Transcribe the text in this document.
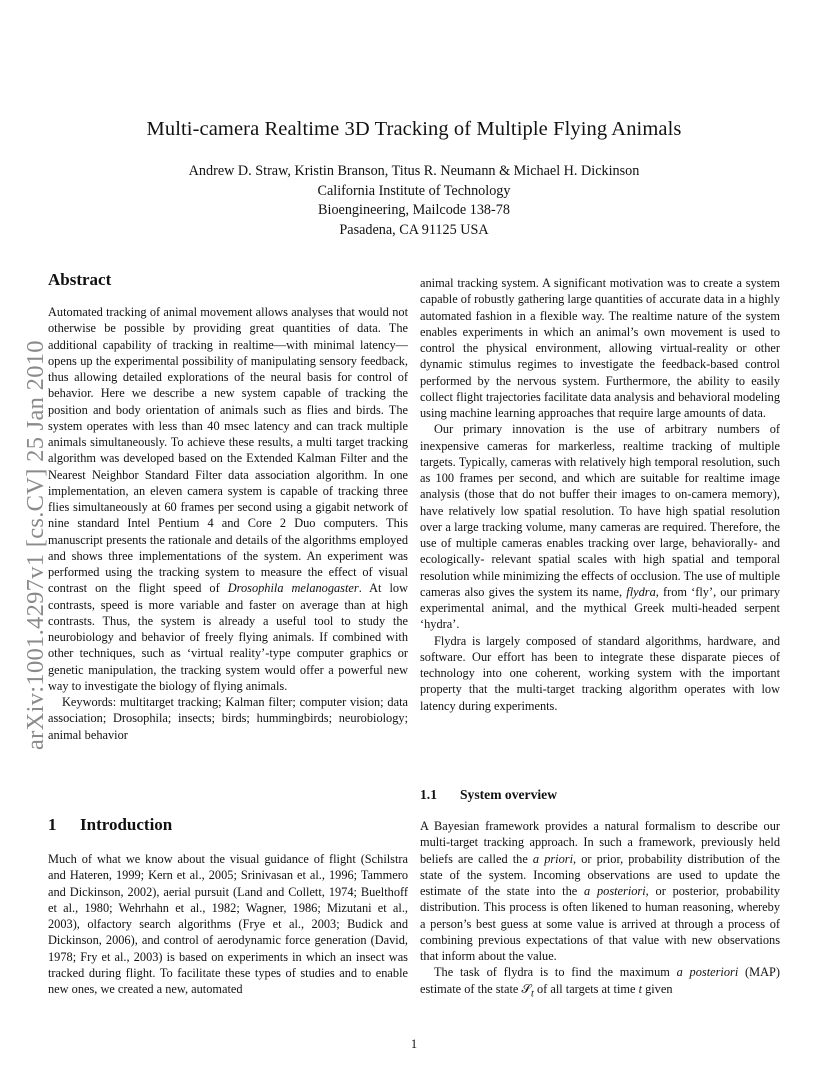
Multi-camera Realtime 3D Tracking of Multiple Flying Animals
Andrew D. Straw, Kristin Branson, Titus R. Neumann & Michael H. Dickinson
California Institute of Technology
Bioengineering, Mailcode 138-78
Pasadena, CA 91125 USA
arXiv:1001.4297v1 [cs.CV] 25 Jan 2010
Abstract

Automated tracking of animal movement allows analyses that would not otherwise be possible by providing great quantities of data. The additional capability of tracking in realtime—with minimal latency—opens up the experimental possibility of manipulating sensory feedback, thus allowing detailed explorations of the neural basis for control of behavior. Here we describe a new system capable of tracking the position and body orientation of animals such as flies and birds. The system operates with less than 40 msec latency and can track multiple animals simultaneously. To achieve these results, a multi target tracking algorithm was developed based on the Extended Kalman Filter and the Nearest Neighbor Standard Filter data association algorithm. In one implementation, an eleven camera system is capable of tracking three flies simultaneously at 60 frames per second using a gigabit network of nine standard Intel Pentium 4 and Core 2 Duo computers. This manuscript presents the rationale and details of the algorithms employed and shows three implementations of the system. An experiment was performed using the tracking system to measure the effect of visual contrast on the flight speed of Drosophila melanogaster. At low contrasts, speed is more variable and faster on average than at high contrasts. Thus, the system is already a useful tool to study the neurobiology and behavior of freely flying animals. If combined with other techniques, such as ‘virtual reality’-type computer graphics or genetic manipulation, the tracking system would offer a powerful new way to investigate the biology of flying animals.

Keywords: multitarget tracking; Kalman filter; computer vision; data association; Drosophila; insects; birds; hummingbirds; neurobiology; animal behavior

1 Introduction

Much of what we know about the visual guidance of flight (Schilstra and Hateren, 1999; Kern et al., 2005; Srinivasan et al., 1996; Tammero and Dickinson, 2002), aerial pursuit (Land and Collett, 1974; Buelthoff et al., 1980; Wehrhahn et al., 1982; Wagner, 1986; Mizutani et al., 2003), olfactory search algorithms (Frye et al., 2003; Budick and Dickinson, 2006), and control of aerodynamic force generation (David, 1978; Fry et al., 2003) is based on experiments in which an insect was tracked during flight. To facilitate these types of studies and to enable new ones, we created a new, automated

animal tracking system. A significant motivation was to create a system capable of robustly gathering large quantities of accurate data in a highly automated fashion in a flexible way. The realtime nature of the system enables experiments in which an animal’s own movement is used to control the physical environment, allowing virtual-reality or other dynamic stimulus regimes to investigate the feedback-based control performed by the nervous system. Furthermore, the ability to easily collect flight trajectories facilitate data analysis and behavioral modeling using machine learning approaches that require large amounts of data.

Our primary innovation is the use of arbitrary numbers of inexpensive cameras for markerless, realtime tracking of multiple targets. Typically, cameras with relatively high temporal resolution, such as 100 frames per second, and which are suitable for realtime image analysis (those that do not buffer their images to on-camera memory), have relatively low spatial resolution. To have high spatial resolution over a large tracking volume, many cameras are required. Therefore, the use of multiple cameras enables tracking over large, behaviorally- and ecologically- relevant spatial scales with high spatial and temporal resolution while minimizing the effects of occlusion. The use of multiple cameras also gives the system its name, flydra, from ‘fly’, our primary experimental animal, and the mythical Greek multi-headed serpent ‘hydra’.

Flydra is largely composed of standard algorithms, hardware, and software. Our effort has been to integrate these disparate pieces of technology into one coherent, working system with the important property that the multi-target tracking algorithm operates with low latency during experiments.

1.1 System overview

A Bayesian framework provides a natural formalism to describe our multi-target tracking approach. In such a framework, previously held beliefs are called the a priori, or prior, probability distribution of the state of the system. Incoming observations are used to update the estimate of the state into the a posteriori, or posterior, probability distribution. This process is often likened to human reasoning, whereby a person’s best guess at some value is arrived at through a process of combining previous expectations of that value with new observations that inform about the value.

The task of flydra is to find the maximum a posteriori (MAP) estimate of the state 𝒮$_t$ of all targets at time t given

1
